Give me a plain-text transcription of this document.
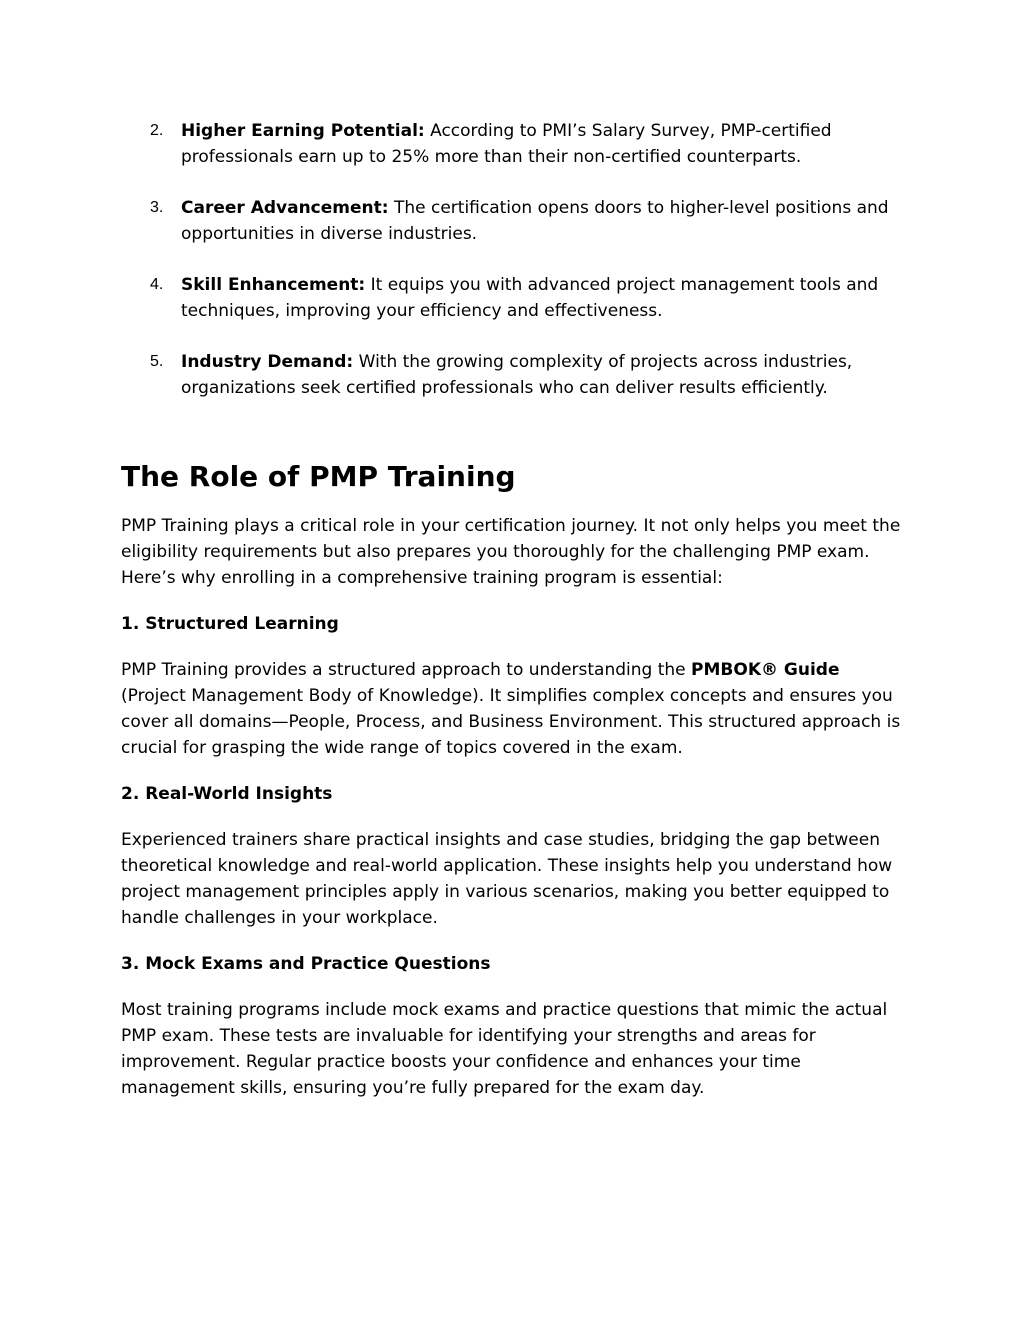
2. Higher Earning Potential: According to PMI’s Salary Survey, PMP-certified professionals earn up to 25% more than their non-certified counterparts.
3. Career Advancement: The certification opens doors to higher-level positions and opportunities in diverse industries.
4. Skill Enhancement: It equips you with advanced project management tools and techniques, improving your efficiency and effectiveness.
5. Industry Demand: With the growing complexity of projects across industries, organizations seek certified professionals who can deliver results efficiently.
The Role of PMP Training

PMP Training plays a critical role in your certification journey. It not only helps you meet the eligibility requirements but also prepares you thoroughly for the challenging PMP exam. Here’s why enrolling in a comprehensive training program is essential:

1. Structured Learning

PMP Training provides a structured approach to understanding the PMBOK® Guide (Project Management Body of Knowledge). It simplifies complex concepts and ensures you cover all domains—People, Process, and Business Environment. This structured approach is crucial for grasping the wide range of topics covered in the exam.

2. Real-World Insights

Experienced trainers share practical insights and case studies, bridging the gap between theoretical knowledge and real-world application. These insights help you understand how project management principles apply in various scenarios, making you better equipped to handle challenges in your workplace.

3. Mock Exams and Practice Questions

Most training programs include mock exams and practice questions that mimic the actual PMP exam. These tests are invaluable for identifying your strengths and areas for improvement. Regular practice boosts your confidence and enhances your time management skills, ensuring you’re fully prepared for the exam day.
